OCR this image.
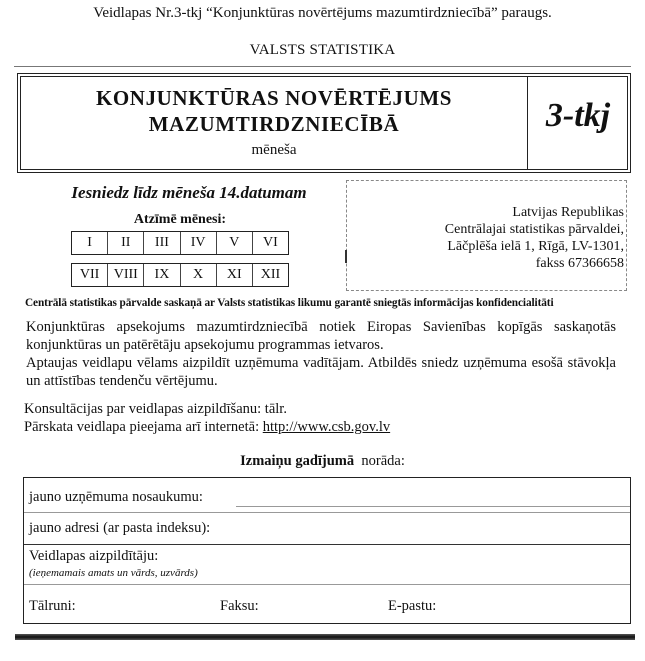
Veidlapas Nr.3-tkj “Konjunktūras novērtējums mazumtirdzniecībā” paraugs.
VALSTS STATISTIKA
KONJUNKTŪRAS NOVĒRTĒJUMS
MAZUMTIRDZNIECĪBĀ
mēneša
3-tkj
Iesniedz līdz mēneša 14.datumam
Atzīmē mēnesi:
I	II	III	IV	V	VI
VII	VIII	IX	X	XI	XII
Latvijas Republikas
Centrālajai statistikas pārvaldei,
Lāčplēša ielā 1, Rīgā, LV-1301,
fakss 67366658
Centrālā statistikas pārvalde saskaņā ar Valsts statistikas likumu garantē sniegtās informācijas konfidencialitāti

Konjunktūras apsekojums mazumtirdzniecībā notiek Eiropas Savienības kopīgās saskaņotās konjunktūras un patērētāju apsekojumu programmas ietvaros.

Aptaujas veidlapu vēlams aizpildīt uzņēmuma vadītājam. Atbildēs sniedz uzņēmuma esošā stāvokļa un attīstības tendenču vērtējumu.

Konsultācijas par veidlapas aizpildīšanu: tālr.
Pārskata veidlapa pieejama arī internetā: http://www.csb.gov.lv
Izmaiņu gadījumā norāda:
jauno uzņēmuma nosaukumu:
jauno adresi (ar pasta indeksu):
Veidlapas aizpildītāju:
(ieņemamais amats un vārds, uzvārds)
Tālruni:	Faksu:	E-pastu:
